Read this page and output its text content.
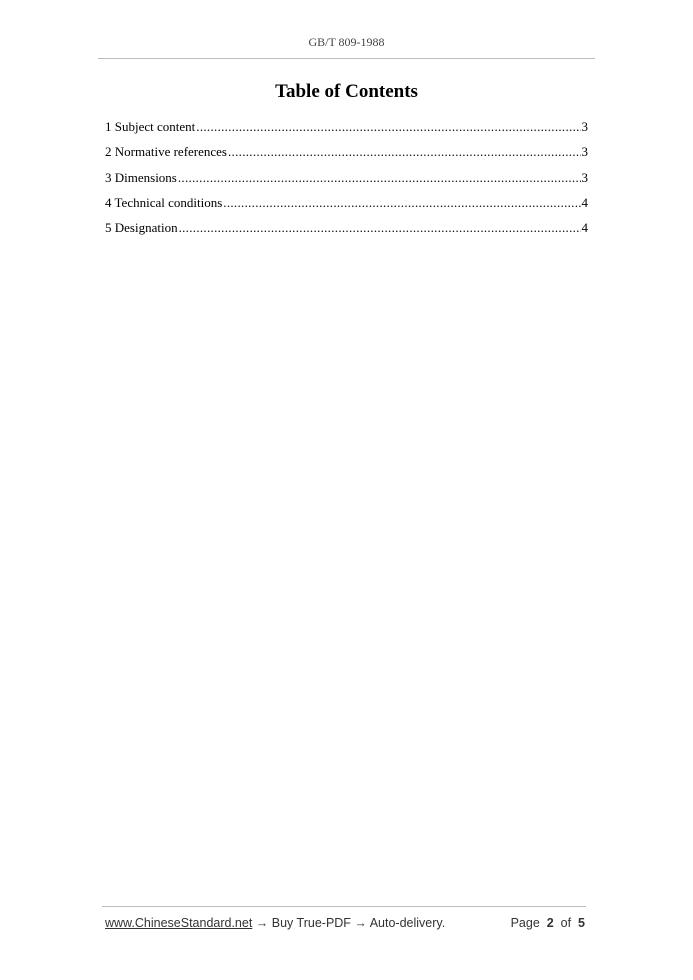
GB/T 809-1988
Table of Contents
1 Subject content .....	3
2 Normative references .....	3
3 Dimensions .....	3
4 Technical conditions .....	4
5 Designation .....	4
www.ChineseStandard.net → Buy True-PDF → Auto-delivery.	Page 2 of 5
